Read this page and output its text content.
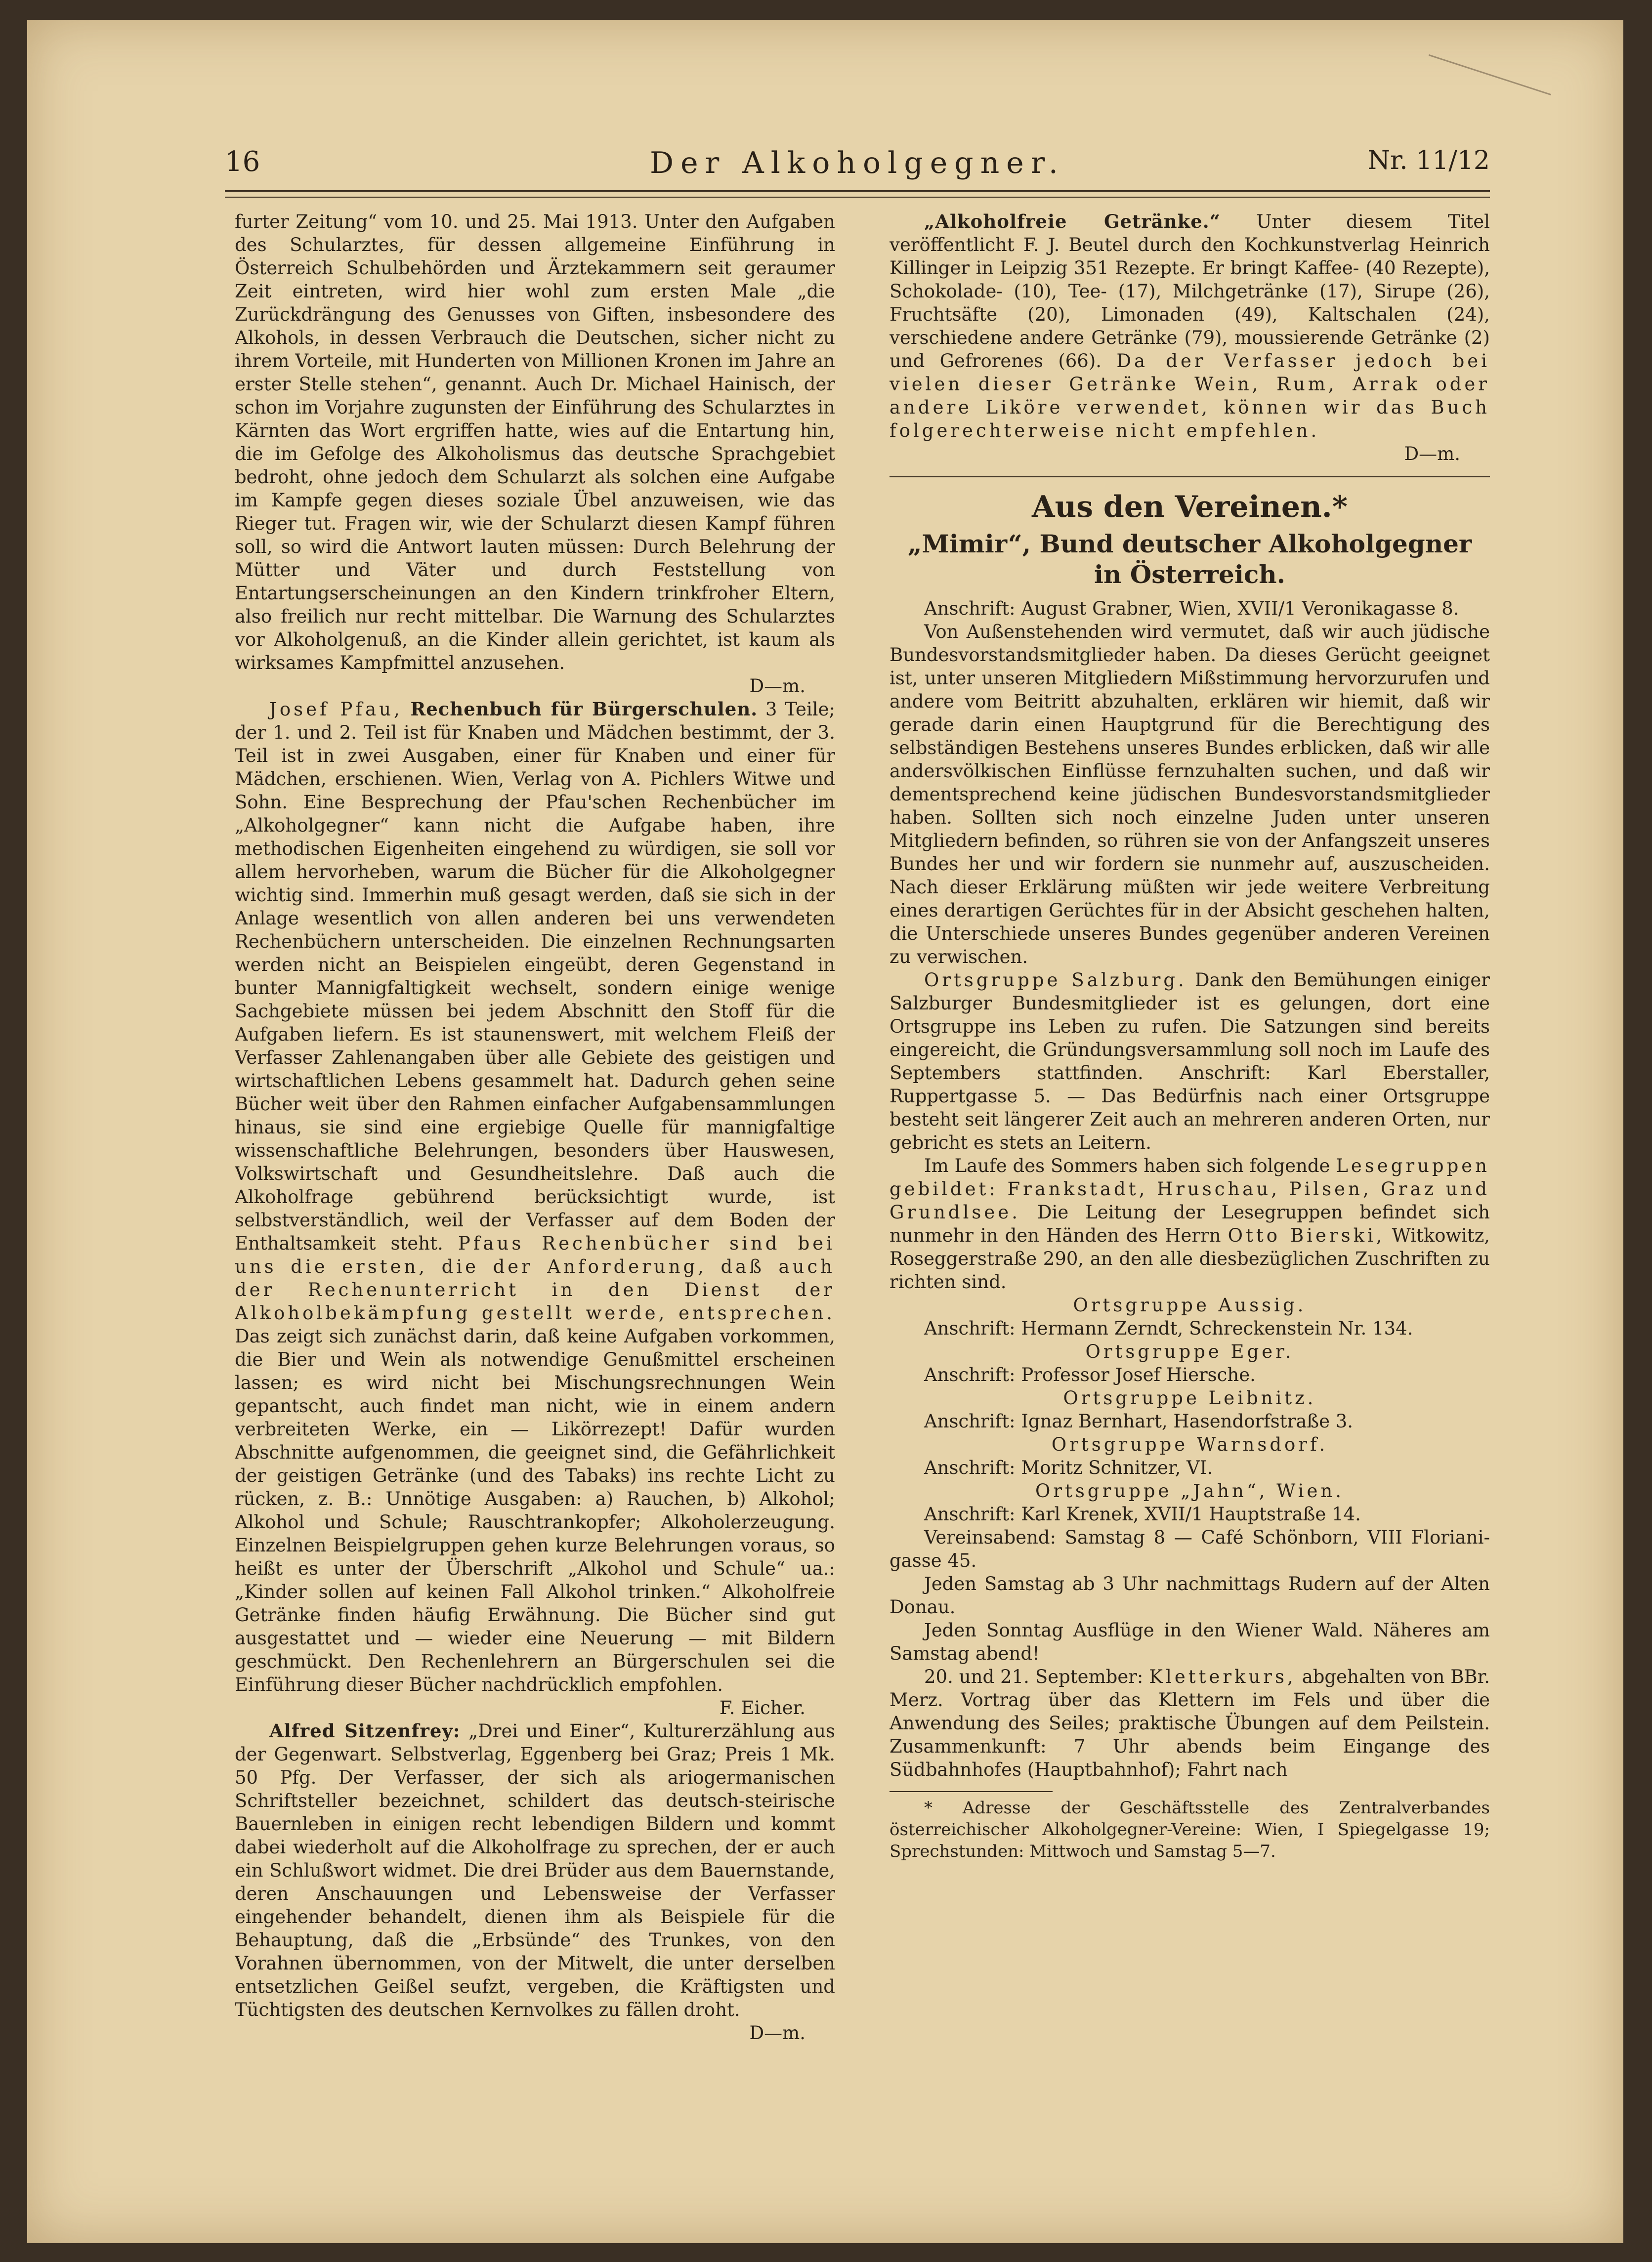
16	Der Alkoholgegner.	Nr. 11/12

furter Zeitung“ vom 10. und 25. Mai 1913. Unter den Aufgaben des Schularztes, für dessen allgemeine Einführung in Österreich Schulbehörden und Ärztekammern seit geraumer Zeit eintreten, wird hier wohl zum ersten Male „die Zurückdrängung des Genusses von Giften, insbesondere des Alkohols, in dessen Verbrauch die Deutschen, sicher nicht zu ihrem Vorteile, mit Hunderten von Millionen Kronen im Jahre an erster Stelle stehen“, genannt. Auch Dr. Michael Hainisch, der schon im Vorjahre zugunsten der Einführung des Schularztes in Kärnten das Wort ergriffen hatte, wies auf die Entartung hin, die im Gefolge des Alkoholismus das deutsche Sprachgebiet bedroht, ohne jedoch dem Schularzt als solchen eine Aufgabe im Kampfe gegen dieses soziale Übel anzuweisen, wie das Rieger tut. Fragen wir, wie der Schularzt diesen Kampf führen soll, so wird die Antwort lauten müssen: Durch Belehrung der Mütter und Väter und durch Feststellung von Entartungserscheinungen an den Kindern trinkfroher Eltern, also freilich nur recht mittelbar. Die Warnung des Schularztes vor Alkoholgenuß, an die Kinder allein gerichtet, ist kaum als wirksames Kampfmittel anzusehen.

D—m.

Josef Pfau, Rechenbuch für Bürgerschulen. 3 Teile; der 1. und 2. Teil ist für Knaben und Mädchen bestimmt, der 3. Teil ist in zwei Ausgaben, einer für Knaben und einer für Mädchen, erschienen. Wien, Verlag von A. Pichlers Witwe und Sohn. Eine Besprechung der Pfau'schen Rechenbücher im „Alkoholgegner“ kann nicht die Aufgabe haben, ihre methodischen Eigenheiten eingehend zu würdigen, sie soll vor allem hervorheben, warum die Bücher für die Alkoholgegner wichtig sind. Immerhin muß gesagt werden, daß sie sich in der Anlage wesentlich von allen anderen bei uns verwendeten Rechenbüchern unterscheiden. Die einzelnen Rechnungsarten werden nicht an Beispielen eingeübt, deren Gegenstand in bunter Mannigfaltigkeit wechselt, sondern einige wenige Sachgebiete müssen bei jedem Abschnitt den Stoff für die Aufgaben liefern. Es ist staunenswert, mit welchem Fleiß der Verfasser Zahlenangaben über alle Gebiete des geistigen und wirtschaftlichen Lebens gesammelt hat. Dadurch gehen seine Bücher weit über den Rahmen einfacher Aufgabensammlungen hinaus, sie sind eine ergiebige Quelle für mannigfaltige wissenschaftliche Belehrungen, besonders über Hauswesen, Volkswirtschaft und Gesundheitslehre. Daß auch die Alkoholfrage gebührend berücksichtigt wurde, ist selbstverständlich, weil der Verfasser auf dem Boden der Enthaltsamkeit steht. Pfaus Rechenbücher sind bei uns die ersten, die der Anforderung, daß auch der Rechenunterricht in den Dienst der Alkoholbekämpfung gestellt werde, entsprechen. Das zeigt sich zunächst darin, daß keine Aufgaben vorkommen, die Bier und Wein als notwendige Genußmittel erscheinen lassen; es wird nicht bei Mischungsrechnungen Wein gepantscht, auch findet man nicht, wie in einem andern verbreiteten Werke, ein — Likörrezept! Dafür wurden Abschnitte aufgenommen, die geeignet sind, die Gefährlichkeit der geistigen Getränke (und des Tabaks) ins rechte Licht zu rücken, z. B.: Unnötige Ausgaben: a) Rauchen, b) Alkohol; Alkohol und Schule; Rauschtrankopfer; Alkoholerzeugung. Einzelnen Beispielgruppen gehen kurze Belehrungen voraus, so heißt es unter der Überschrift „Alkohol und Schule“ ua.: „Kinder sollen auf keinen Fall Alkohol trinken.“ Alkoholfreie Getränke finden häufig Erwähnung. Die Bücher sind gut ausgestattet und — wieder eine Neuerung — mit Bildern geschmückt. Den Rechenlehrern an Bürgerschulen sei die Einführung dieser Bücher nachdrücklich empfohlen.

F. Eicher.

Alfred Sitzenfrey: „Drei und Einer“, Kulturerzählung aus der Gegenwart. Selbstverlag, Eggenberg bei Graz; Preis 1 Mk. 50 Pfg. Der Verfasser, der sich als ariogermanischen Schriftsteller bezeichnet, schildert das deutsch-steirische Bauernleben in einigen recht lebendigen Bildern und kommt dabei wiederholt auf die Alkoholfrage zu sprechen, der er auch ein Schlußwort widmet. Die drei Brüder aus dem Bauernstande, deren Anschauungen und Lebensweise der Verfasser eingehender behandelt, dienen ihm als Beispiele für die Behauptung, daß die „Erbsünde“ des Trunkes, von den Vorahnen übernommen, von der Mitwelt, die unter derselben entsetzlichen Geißel seufzt, vergeben, die Kräftigsten und Tüchtigsten des deutschen Kernvolkes zu fällen droht.

D—m.

„Alkoholfreie Getränke.“ Unter diesem Titel veröffentlicht F. J. Beutel durch den Kochkunstverlag Heinrich Killinger in Leipzig 351 Rezepte. Er bringt Kaffee- (40 Rezepte), Schokolade- (10), Tee- (17), Milchgetränke (17), Sirupe (26), Fruchtsäfte (20), Limonaden (49), Kaltschalen (24), verschiedene andere Getränke (79), moussierende Getränke (2) und Gefrorenes (66). Da der Verfasser jedoch bei vielen dieser Getränke Wein, Rum, Arrak oder andere Liköre verwendet, können wir das Buch folgerechterweise nicht empfehlen.

D—m.

Aus den Vereinen.*
„Mimir“, Bund deutscher Alkoholgegner
in Österreich.

Anschrift: August Grabner, Wien, XVII/1 Veronikagasse 8.

Von Außenstehenden wird vermutet, daß wir auch jüdische Bundesvorstandsmitglieder haben. Da dieses Gerücht geeignet ist, unter unseren Mitgliedern Mißstimmung hervorzurufen und andere vom Beitritt abzuhalten, erklären wir hiemit, daß wir gerade darin einen Hauptgrund für die Berechtigung des selbständigen Bestehens unseres Bundes erblicken, daß wir alle andersvölkischen Einflüsse fernzuhalten suchen, und daß wir dementsprechend keine jüdischen Bundesvorstandsmitglieder haben. Sollten sich noch einzelne Juden unter unseren Mitgliedern befinden, so rühren sie von der Anfangszeit unseres Bundes her und wir fordern sie nunmehr auf, auszuscheiden. Nach dieser Erklärung müßten wir jede weitere Verbreitung eines derartigen Gerüchtes für in der Absicht geschehen halten, die Unterschiede unseres Bundes gegenüber anderen Vereinen zu verwischen.

Ortsgruppe Salzburg. Dank den Bemühungen einiger Salzburger Bundesmitglieder ist es gelungen, dort eine Ortsgruppe ins Leben zu rufen. Die Satzungen sind bereits eingereicht, die Gründungsversammlung soll noch im Laufe des Septembers stattfinden. Anschrift: Karl Eberstaller, Ruppertgasse 5. — Das Bedürfnis nach einer Ortsgruppe besteht seit längerer Zeit auch an mehreren anderen Orten, nur gebricht es stets an Leitern.

Im Laufe des Sommers haben sich folgende Lesegruppen gebildet: Frankstadt, Hruschau, Pilsen, Graz und Grundlsee. Die Leitung der Lesegruppen befindet sich nunmehr in den Händen des Herrn Otto Bierski, Witkowitz, Roseggerstraße 290, an den alle diesbezüglichen Zuschriften zu richten sind.

Ortsgruppe Aussig.

Anschrift: Hermann Zerndt, Schreckenstein Nr. 134.

Ortsgruppe Eger.

Anschrift: Professor Josef Hiersche.

Ortsgruppe Leibnitz.

Anschrift: Ignaz Bernhart, Hasendorfstraße 3.

Ortsgruppe Warnsdorf.

Anschrift: Moritz Schnitzer, VI.

Ortsgruppe „Jahn“, Wien.

Anschrift: Karl Krenek, XVII/1 Hauptstraße 14.

Vereinsabend: Samstag 8 — Café Schönborn, VIII Florianigasse 45.

Jeden Samstag ab 3 Uhr nachmittags Rudern auf der Alten Donau.

Jeden Sonntag Ausflüge in den Wiener Wald. Näheres am Samstag abend!

20. und 21. September: Kletterkurs, abgehalten von BBr. Merz. Vortrag über das Klettern im Fels und über die Anwendung des Seiles; praktische Übungen auf dem Peilstein. Zusammenkunft: 7 Uhr abends beim Eingange des Südbahnhofes (Hauptbahnhof); Fahrt nach

* Adresse der Geschäftsstelle des Zentralverbandes österreichischer Alkoholgegner-Vereine: Wien, I Spiegelgasse 19; Sprechstunden: Mittwoch und Samstag 5—7.
